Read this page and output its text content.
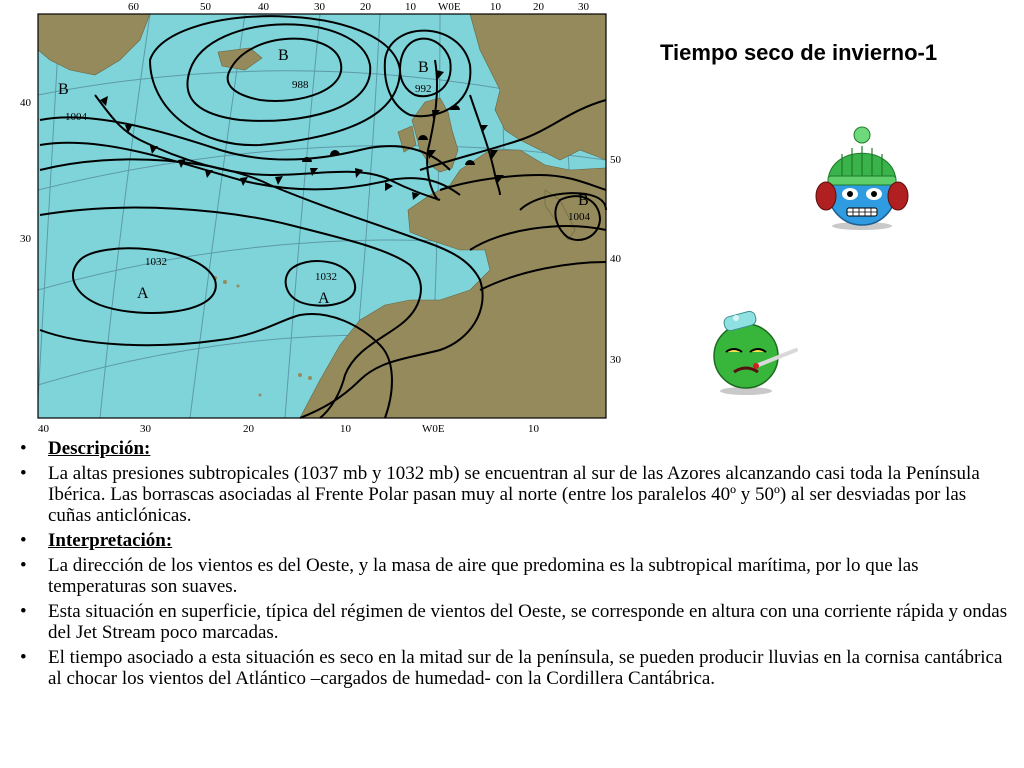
B
988
B
992
B
1004
B
1004
A
1032
A
1032
60	50	40	30	20	10 W0E	10	20	30
40	30	20	10	W0E	10
40
30
50
40
30
Tiempo seco de invierno-1
• Descripción:
• La altas presiones subtropicales (1037 mb y 1032 mb) se encuentran al sur de las Azores alcanzando casi toda la Península Ibérica. Las borrascas asociadas al Frente Polar pasan muy al norte (entre los paralelos 40º y 50º) al ser desviadas por las cuñas anticlónicas.
• Interpretación:
• La dirección de los vientos es del Oeste, y la masa de aire que predomina es la subtropical marítima, por lo que las temperaturas son suaves.
• Esta situación en superficie, típica del régimen de vientos del Oeste, se corresponde en altura con una corriente rápida y ondas del Jet Stream poco marcadas.
• El tiempo asociado a esta situación es seco en la mitad sur de la península, se pueden producir lluvias en la cornisa cantábrica al chocar los vientos del Atlántico –cargados de humedad- con la Cordillera Cantábrica.
